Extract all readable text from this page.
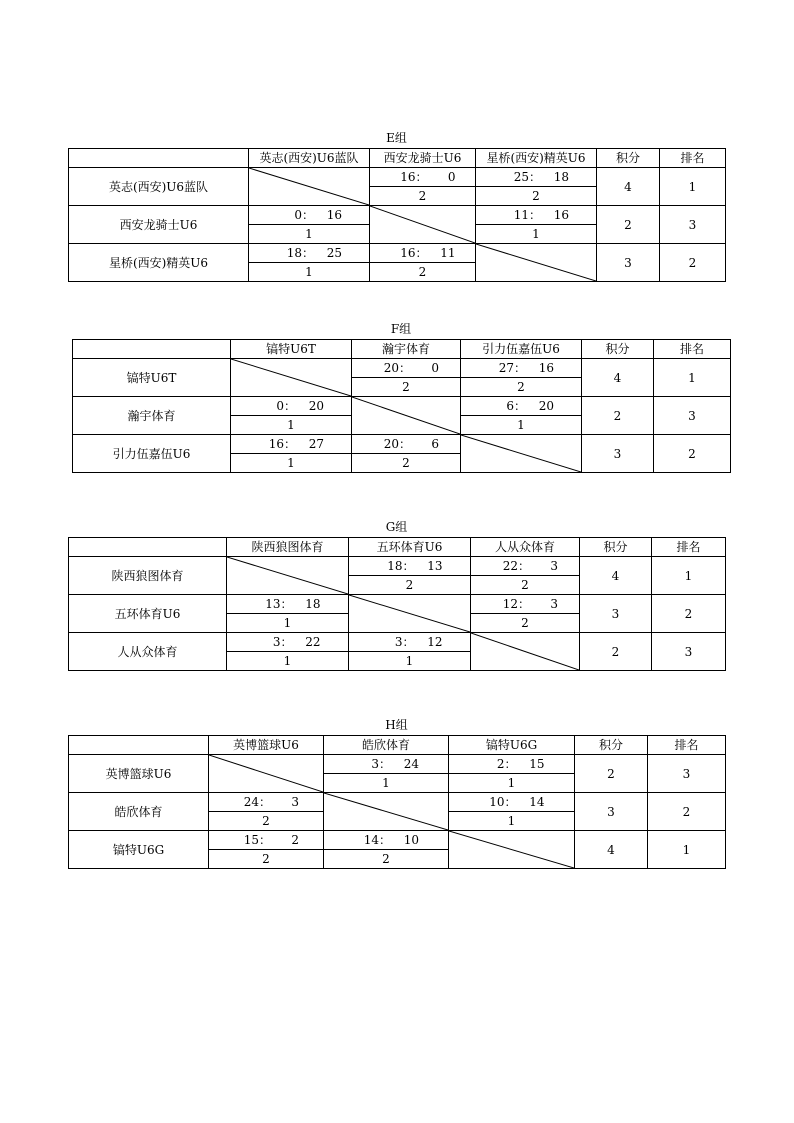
E组
	英志(西安)U6蓝队	西安龙骑士U6	星桥(西安)精英U6	积分	排名
英志(西安)U6蓝队		16： 0	25： 18	4	1
		2	2		
西安龙骑士U6	0： 16		11： 16	2	3
	1		1		
星桥(西安)精英U6	18： 25	16： 11		3	2
	1	2			
F组
	镐特U6T	瀚宇体育	引力伍嘉伍U6	积分	排名
镐特U6T		20： 0	27： 16	4	1
		2	2		
瀚宇体育	0： 20		6： 20	2	3
	1		1		
引力伍嘉伍U6	16： 27	20： 6		3	2
	1	2			
G组
	陕西狼图体育	五环体育U6	人从众体育	积分	排名
陕西狼图体育		18： 13	22： 3	4	1
		2	2		
五环体育U6	13： 18		12： 3	3	2
	1		2		
人从众体育	3： 22	3： 12		2	3
	1	1			
H组
	英博篮球U6	皓欣体育	镐特U6G	积分	排名
英博篮球U6		3： 24	2： 15	2	3
		1	1		
皓欣体育	24： 3		10： 14	3	2
	2		1		
镐特U6G	15： 2	14： 10		4	1
	2	2			
